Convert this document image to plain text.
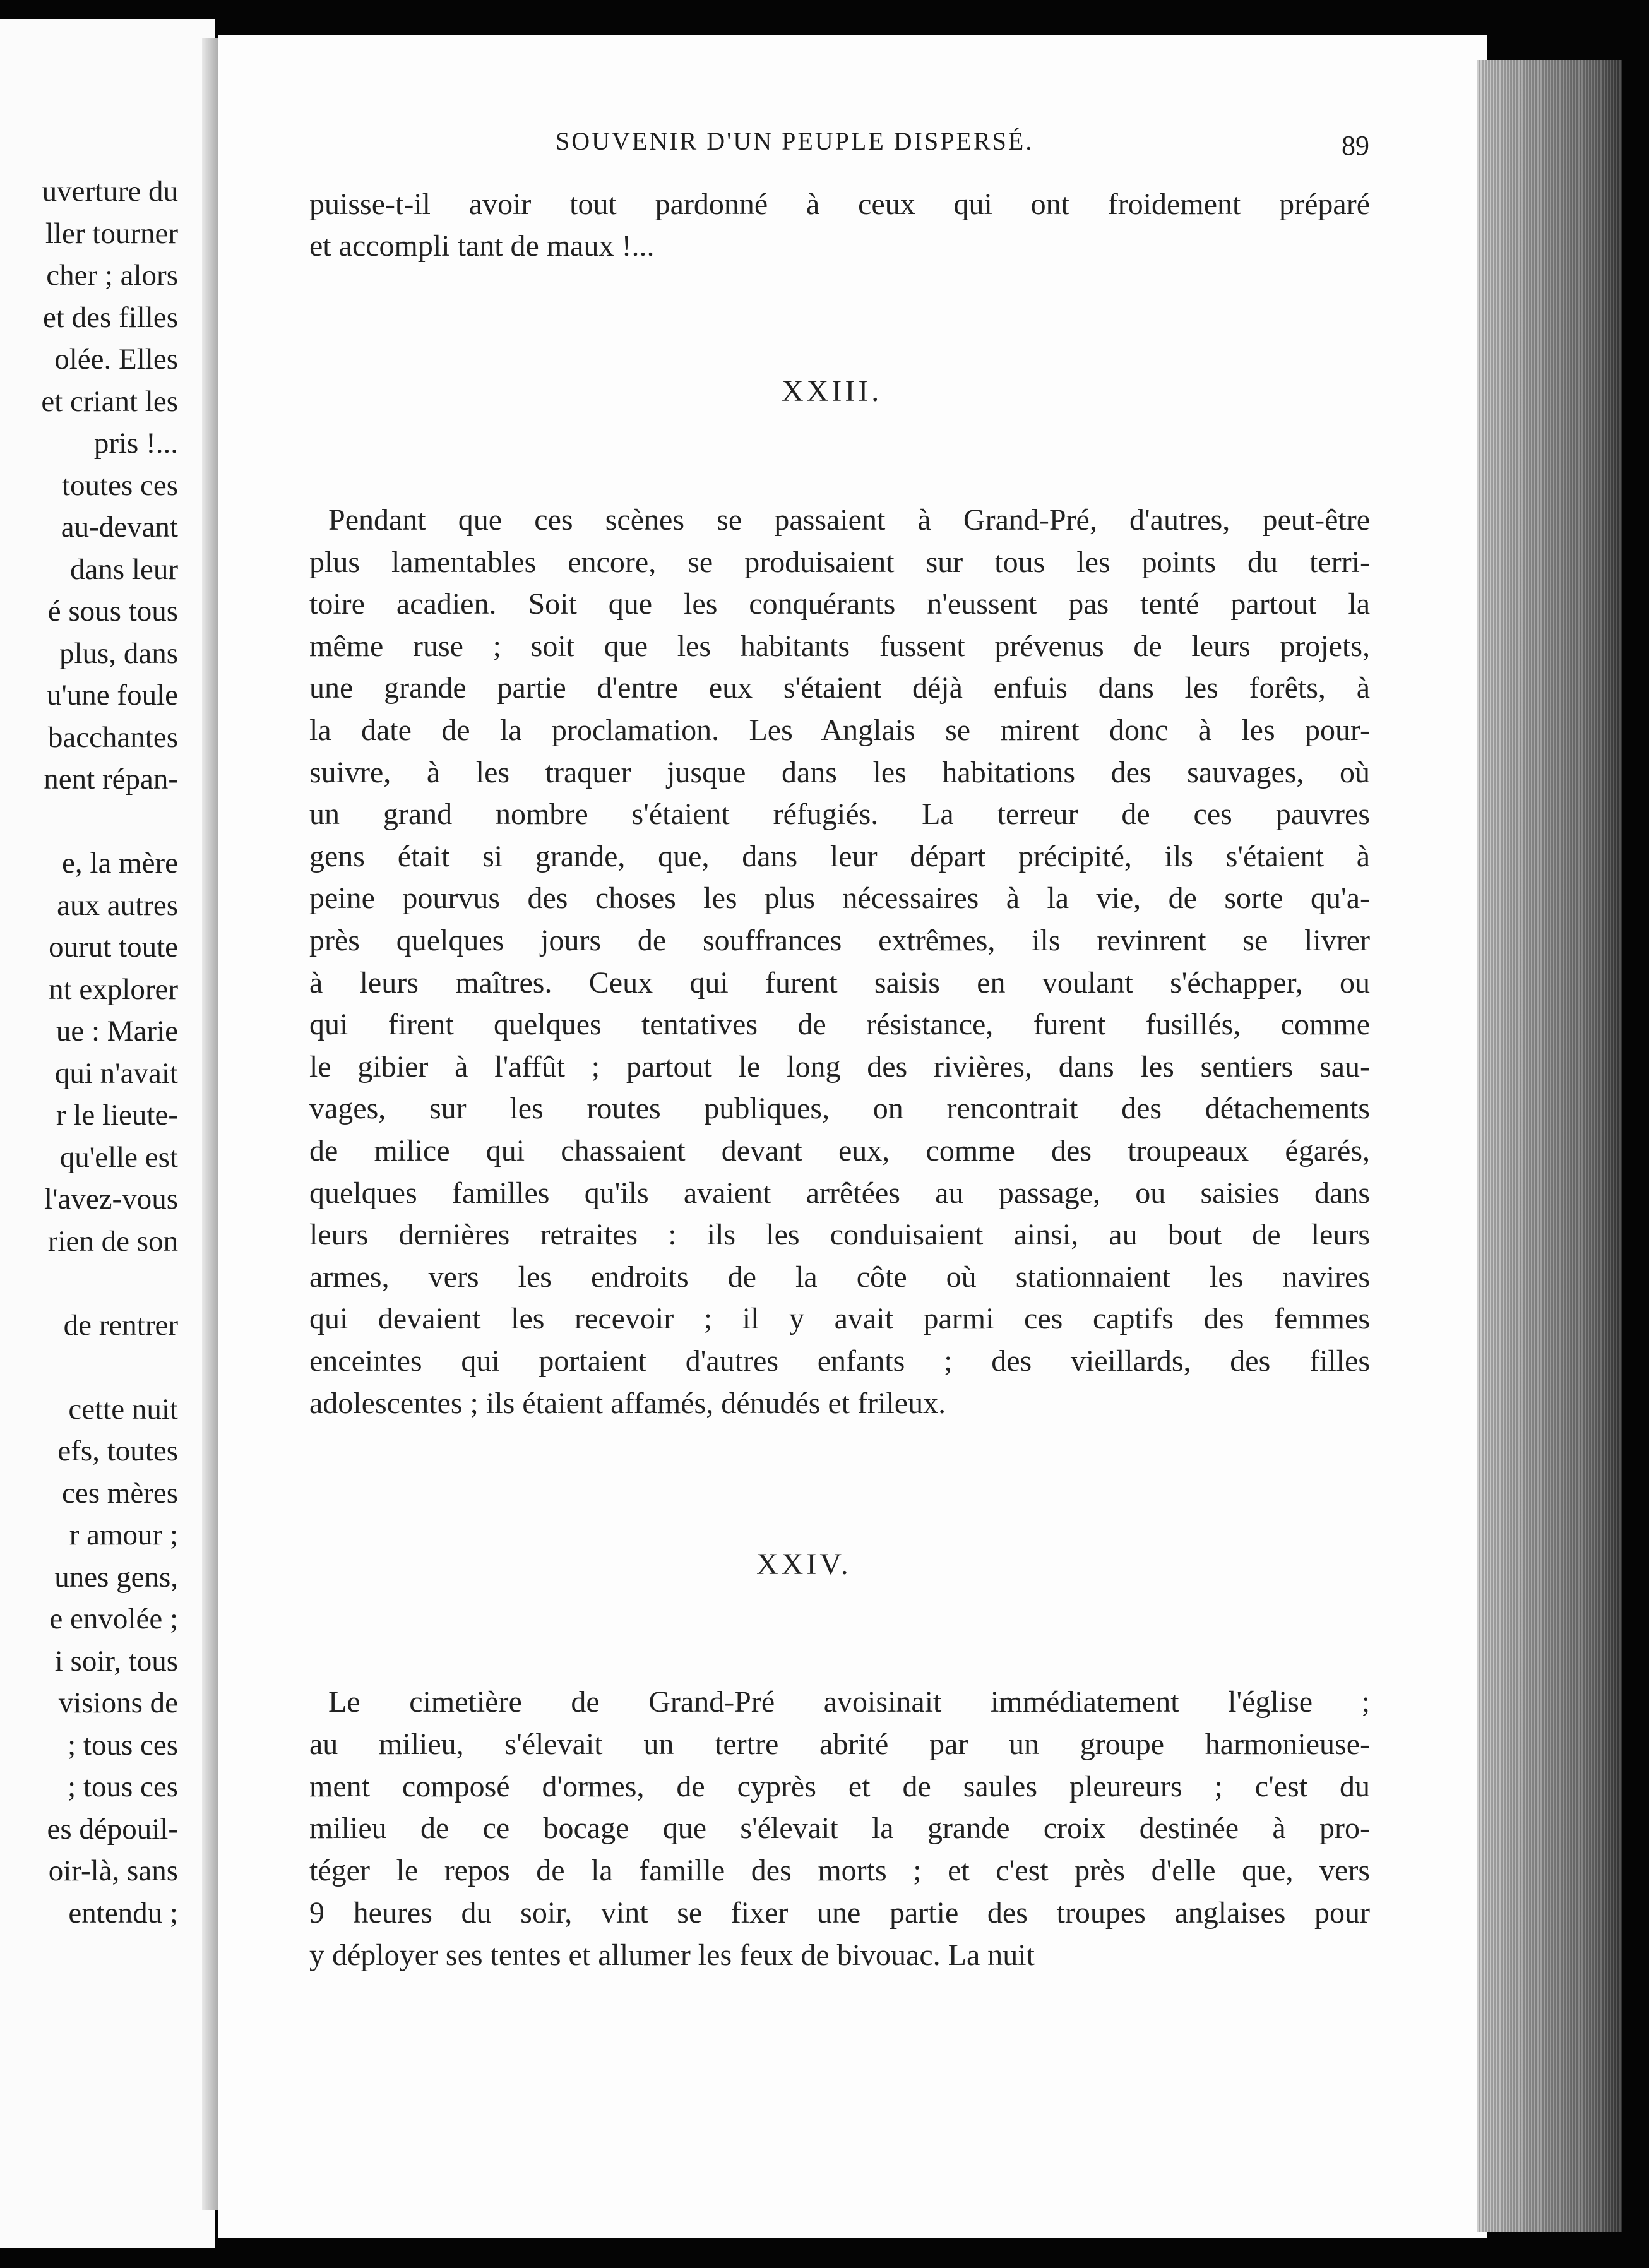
uverture du
ller tourner
cher ; alors
et des filles
olée. Elles
et criant les
pris !...
toutes ces
au-devant
dans leur
é sous tous
plus, dans
u'une foule
bacchantes
nent répan-
e, la mère
aux autres
ourut toute
nt explorer
ue : Marie
qui n'avait
r le lieute-
qu'elle est
l'avez-vous
rien de son
de rentrer
cette nuit
efs, toutes
ces mères
r amour ;
unes gens,
e envolée ;
i soir, tous
visions de
; tous ces
; tous ces
es dépouil-
oir-là, sans
entendu ;
SOUVENIR D'UN PEUPLE DISPERSÉ.	89
puisse-t-il avoir tout pardonné à ceux qui ont froidement préparé
et accompli tant de maux !...
XXIII.
Pendant que ces scènes se passaient à Grand-Pré, d'autres, peut-être
plus lamentables encore, se produisaient sur tous les points du terri-
toire acadien. Soit que les conquérants n'eussent pas tenté partout la
même ruse ; soit que les habitants fussent prévenus de leurs projets,
une grande partie d'entre eux s'étaient déjà enfuis dans les forêts, à
la date de la proclamation. Les Anglais se mirent donc à les pour-
suivre, à les traquer jusque dans les habitations des sauvages, où
un grand nombre s'étaient réfugiés. La terreur de ces pauvres
gens était si grande, que, dans leur départ précipité, ils s'étaient à
peine pourvus des choses les plus nécessaires à la vie, de sorte qu'a-
près quelques jours de souffrances extrêmes, ils revinrent se livrer
à leurs maîtres. Ceux qui furent saisis en voulant s'échapper, ou
qui firent quelques tentatives de résistance, furent fusillés, comme
le gibier à l'affût ; partout le long des rivières, dans les sentiers sau-
vages, sur les routes publiques, on rencontrait des détachements
de milice qui chassaient devant eux, comme des troupeaux égarés,
quelques familles qu'ils avaient arrêtées au passage, ou saisies dans
leurs dernières retraites : ils les conduisaient ainsi, au bout de leurs
armes, vers les endroits de la côte où stationnaient les navires
qui devaient les recevoir ; il y avait parmi ces captifs des femmes
enceintes qui portaient d'autres enfants ; des vieillards, des filles
adolescentes ; ils étaient affamés, dénudés et frileux.
XXIV.
Le cimetière de Grand-Pré avoisinait immédiatement l'église ;
au milieu, s'élevait un tertre abrité par un groupe harmonieuse-
ment composé d'ormes, de cyprès et de saules pleureurs ; c'est du
milieu de ce bocage que s'élevait la grande croix destinée à pro-
téger le repos de la famille des morts ; et c'est près d'elle que, vers
9 heures du soir, vint se fixer une partie des troupes anglaises pour
y déployer ses tentes et allumer les feux de bivouac. La nuit
